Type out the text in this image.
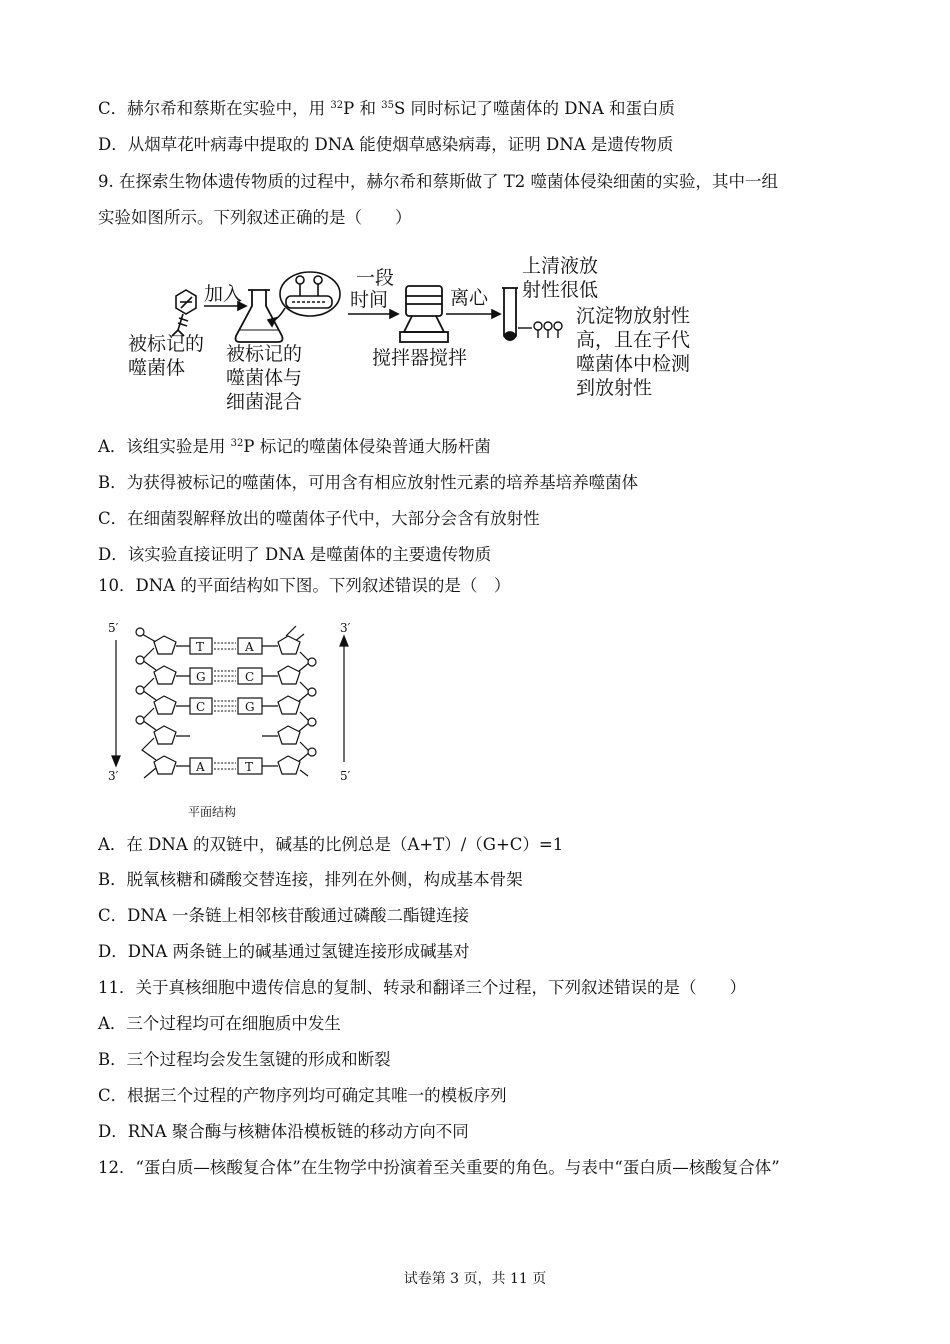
C．赫尔希和蔡斯在实验中，用 $^{32}$P 和 $^{35}$S 同时标记了噬菌体的 DNA 和蛋白质
D．从烟草花叶病毒中提取的 DNA 能使烟草感染病毒，证明 DNA 是遗传物质
9. 在探索生物体遗传物质的过程中，赫尔希和蔡斯做了 T2 噬菌体侵染细菌的实验，其中一组
实验如图所示。下列叙述正确的是（　　）
被标记的
噬菌体
加入
被标记的
噬菌体与
细菌混合
一段
时间
搅拌器搅拌
离心
上清液放
射性很低
沉淀物放射性
高，且在子代
噬菌体中检测
到放射性
A．该组实验是用 $^{32}$P 标记的噬菌体侵染普通大肠杆菌
B．为获得被标记的噬菌体，可用含有相应放射性元素的培养基培养噬菌体
C．在细菌裂解释放出的噬菌体子代中，大部分会含有放射性
D．该实验直接证明了 DNA 是噬菌体的主要遗传物质
10．DNA 的平面结构如下图。下列叙述错误的是（　）
5′	3′
3′	5′
T	A
G	C
C	G
A	T
平面结构
A．在 DNA 的双链中，碱基的比例总是（A+T）/（G+C）=1
B．脱氧核糖和磷酸交替连接，排列在外侧，构成基本骨架
C．DNA 一条链上相邻核苷酸通过磷酸二酯键连接
D．DNA 两条链上的碱基通过氢键连接形成碱基对
11．关于真核细胞中遗传信息的复制、转录和翻译三个过程，下列叙述错误的是（　　）
A．三个过程均可在细胞质中发生
B．三个过程均会发生氢键的形成和断裂
C．根据三个过程的产物序列均可确定其唯一的模板序列
D．RNA 聚合酶与核糖体沿模板链的移动方向不同
12．“蛋白质—核酸复合体”在生物学中扮演着至关重要的角色。与表中“蛋白质—核酸复合体”
试卷第 3 页，共 11 页
